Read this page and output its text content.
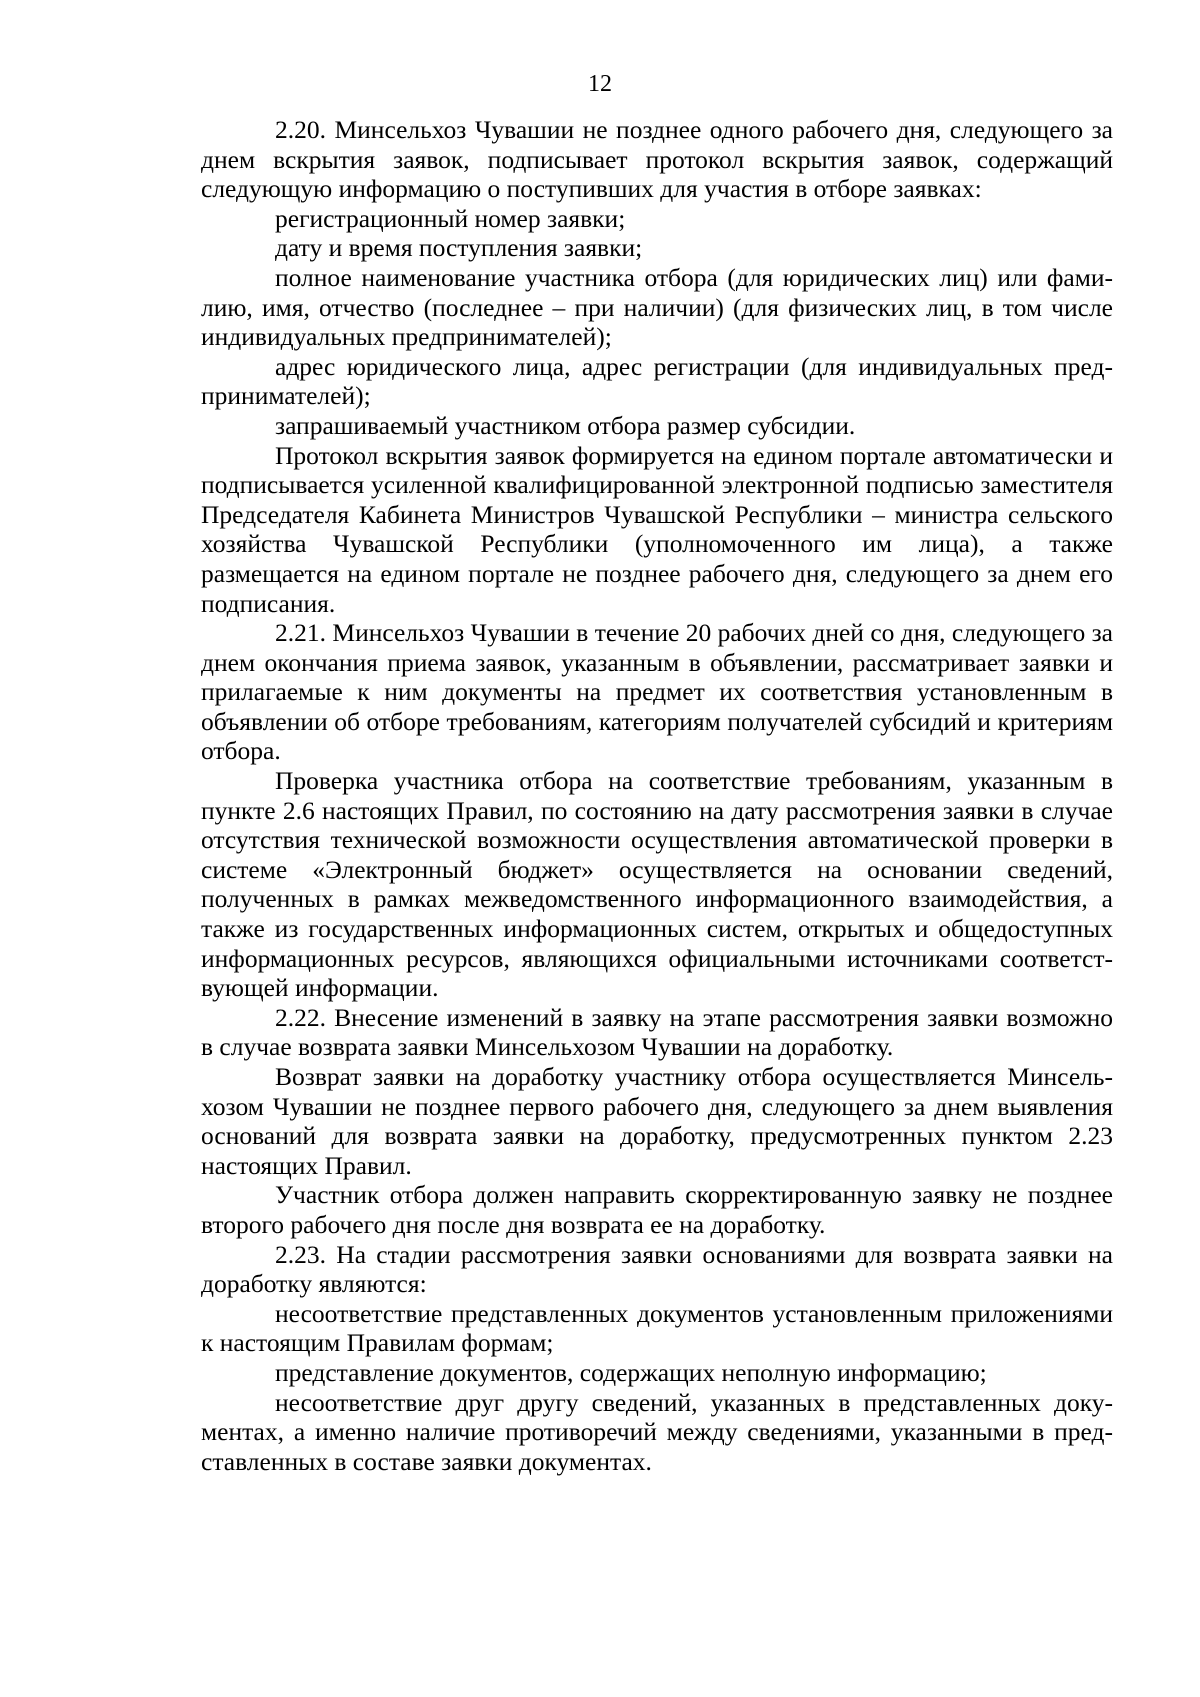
12

2.20. Минсельхоз Чувашии не позднее одного рабочего дня, следующего за днем вскрытия заявок, подписывает протокол вскрытия заявок, содержащий следующую информацию о поступивших для участия в отборе заявках:

регистрационный номер заявки;

дату и время поступления заявки;

полное наименование участника отбора (для юридических лиц) или фамилию, имя, отчество (последнее – при наличии) (для физических лиц, в том числе индивидуальных предпринимателей);

адрес юридического лица, адрес регистрации (для индивидуальных предпринимателей);

запрашиваемый участником отбора размер субсидии.

Протокол вскрытия заявок формируется на едином портале автоматически и подписывается усиленной квалифицированной электронной подписью заместителя Председателя Кабинета Министров Чувашской Республики – министра сельского хозяйства Чувашской Республики (уполномоченного им лица), а также размещается на едином портале не позднее рабочего дня, следующего за днем его подписания.

2.21. Минсельхоз Чувашии в течение 20 рабочих дней со дня, следующего за днем окончания приема заявок, указанным в объявлении, рассматривает заявки и прилагаемые к ним документы на предмет их соответствия установленным в объявлении об отборе требованиям, категориям получателей субсидий и критериям отбора.

Проверка участника отбора на соответствие требованиям, указанным в пункте 2.6 настоящих Правил, по состоянию на дату рассмотрения заявки в случае отсутствия технической возможности осуществления автоматической проверки в системе «Электронный бюджет» осуществляется на основании сведений, полученных в рамках межведомственного информационного взаимодействия, а также из государственных информационных систем, открытых и общедоступных информационных ресурсов, являющихся официальными источниками соответствующей информации.

2.22. Внесение изменений в заявку на этапе рассмотрения заявки возможно в случае возврата заявки Минсельхозом Чувашии на доработку.

Возврат заявки на доработку участнику отбора осуществляется Минсельхозом Чувашии не позднее первого рабочего дня, следующего за днем выявления оснований для возврата заявки на доработку, предусмотренных пунктом 2.23 настоящих Правил.

Участник отбора должен направить скорректированную заявку не позднее второго рабочего дня после дня возврата ее на доработку.

2.23. На стадии рассмотрения заявки основаниями для возврата заявки на доработку являются:

несоответствие представленных документов установленным приложениями к настоящим Правилам формам;

представление документов, содержащих неполную информацию;

несоответствие друг другу сведений, указанных в представленных документах, а именно наличие противоречий между сведениями, указанными в представленных в составе заявки документах.
